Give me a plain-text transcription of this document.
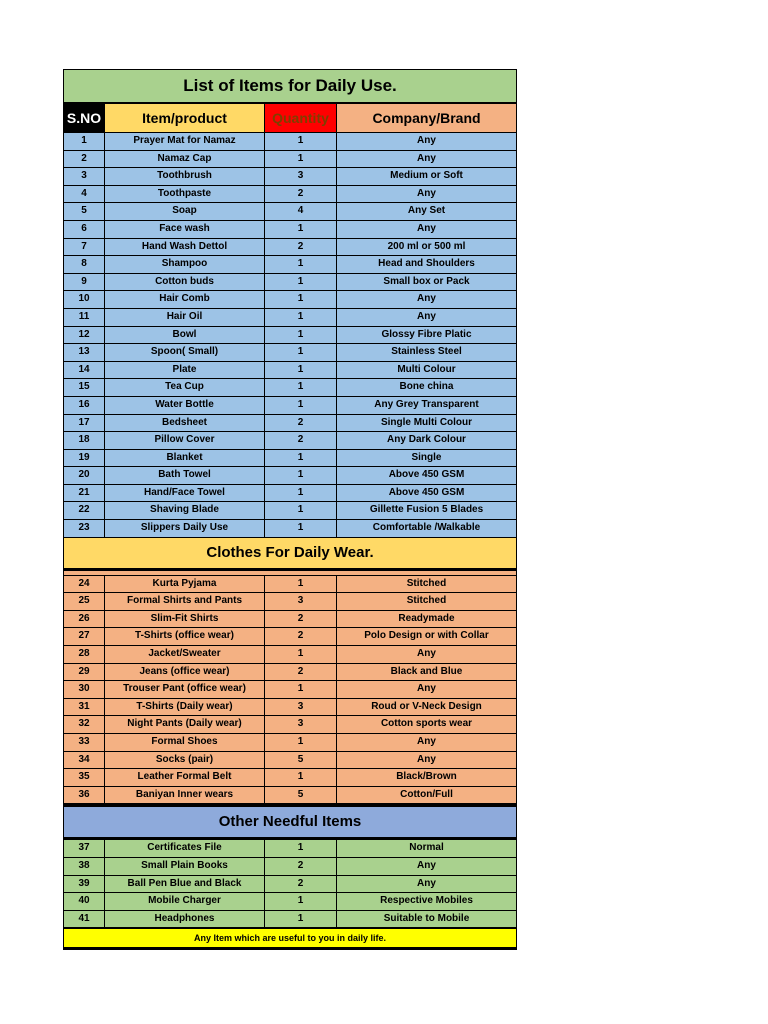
List of Items for Daily Use.
S.NO	Item/product	Quantity	Company/Brand
1	Prayer Mat for Namaz	1	Any
2	Namaz Cap	1	Any
3	Toothbrush	3	Medium or Soft
4	Toothpaste	2	Any
5	Soap	4	Any Set
6	Face wash	1	Any
7	Hand Wash Dettol	2	200 ml or 500 ml
8	Shampoo	1	Head and Shoulders
9	Cotton buds	1	Small box or Pack
10	Hair Comb	1	Any
11	Hair Oil	1	Any
12	Bowl	1	Glossy Fibre Platic
13	Spoon( Small)	1	Stainless Steel
14	Plate	1	Multi Colour
15	Tea Cup	1	Bone china
16	Water Bottle	1	Any Grey Transparent
17	Bedsheet	2	Single Multi Colour
18	Pillow Cover	2	Any Dark Colour
19	Blanket	1	Single
20	Bath Towel	1	Above 450 GSM
21	Hand/Face Towel	1	Above 450 GSM
22	Shaving Blade	1	Gillette Fusion 5 Blades
23	Slippers Daily Use	1	Comfortable /Walkable
Clothes For Daily Wear.
24	Kurta Pyjama	1	Stitched
25	Formal Shirts and Pants	3	Stitched
26	Slim-Fit Shirts	2	Readymade
27	T-Shirts (office wear)	2	Polo Design or with Collar
28	Jacket/Sweater	1	Any
29	Jeans (office wear)	2	Black and Blue
30	Trouser Pant (office wear)	1	Any
31	T-Shirts (Daily wear)	3	Roud or V-Neck Design
32	Night Pants (Daily wear)	3	Cotton sports wear
33	Formal Shoes	1	Any
34	Socks (pair)	5	Any
35	Leather Formal Belt	1	Black/Brown
36	Baniyan Inner wears	5	Cotton/Full
Other Needful Items
37	Certificates File	1	Normal
38	Small Plain Books	2	Any
39	Ball Pen Blue and Black	2	Any
40	Mobile Charger	1	Respective Mobiles
41	Headphones	1	Suitable to Mobile
Any Item which are useful to you in daily life.
